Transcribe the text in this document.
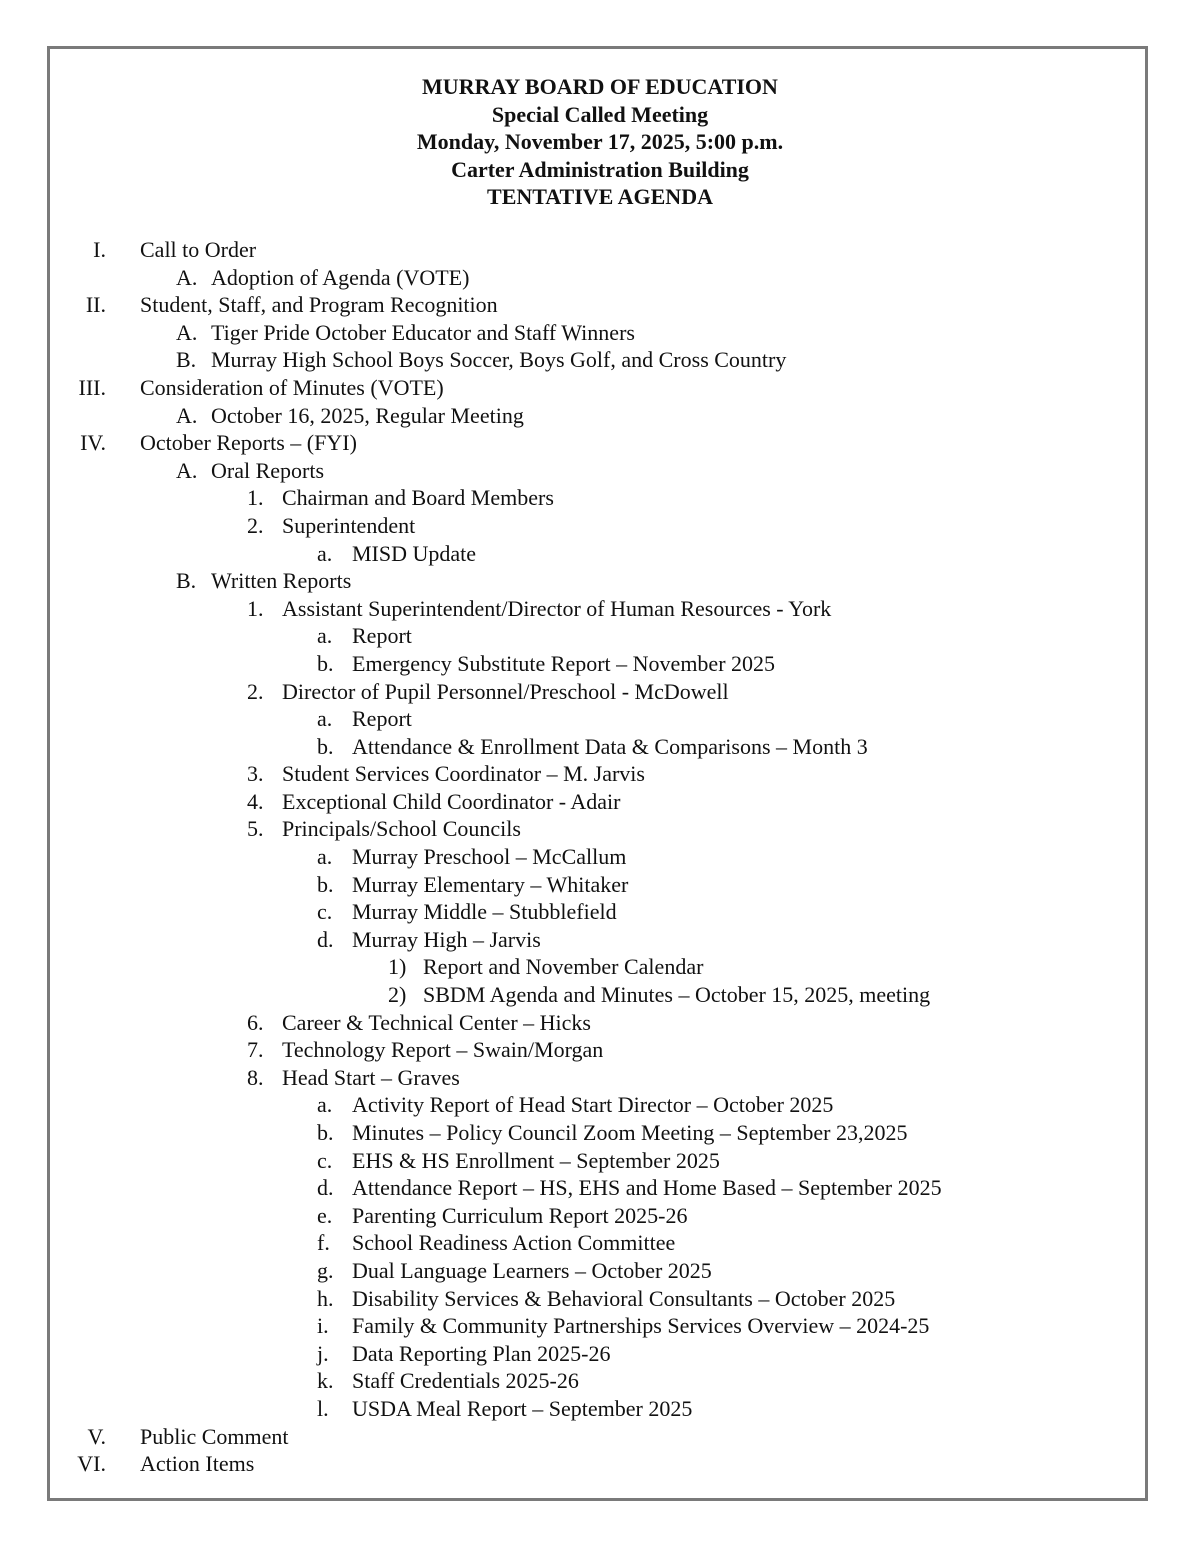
MURRAY BOARD OF EDUCATION
Special Called Meeting
Monday, November 17, 2025, 5:00 p.m.
Carter Administration Building
TENTATIVE AGENDA
I. Call to Order
A. Adoption of Agenda (VOTE)
II. Student, Staff, and Program Recognition
A. Tiger Pride October Educator and Staff Winners
B. Murray High School Boys Soccer, Boys Golf, and Cross Country
III. Consideration of Minutes (VOTE)
A. October 16, 2025, Regular Meeting
IV. October Reports – (FYI)
A. Oral Reports
1. Chairman and Board Members
2. Superintendent
a. MISD Update
B. Written Reports
1. Assistant Superintendent/Director of Human Resources - York
a. Report
b. Emergency Substitute Report – November 2025
2. Director of Pupil Personnel/Preschool - McDowell
a. Report
b. Attendance & Enrollment Data & Comparisons – Month 3
3. Student Services Coordinator – M. Jarvis
4. Exceptional Child Coordinator - Adair
5. Principals/School Councils
a. Murray Preschool – McCallum
b. Murray Elementary – Whitaker
c. Murray Middle – Stubblefield
d. Murray High – Jarvis
1) Report and November Calendar
2) SBDM Agenda and Minutes – October 15, 2025, meeting
6. Career & Technical Center – Hicks
7. Technology Report – Swain/Morgan
8. Head Start – Graves
a. Activity Report of Head Start Director – October 2025
b. Minutes – Policy Council Zoom Meeting – September 23,2025
c. EHS & HS Enrollment – September 2025
d. Attendance Report – HS, EHS and Home Based – September 2025
e. Parenting Curriculum Report 2025-26
f. School Readiness Action Committee
g. Dual Language Learners – October 2025
h. Disability Services & Behavioral Consultants – October 2025
i. Family & Community Partnerships Services Overview – 2024-25
j. Data Reporting Plan 2025-26
k. Staff Credentials 2025-26
l. USDA Meal Report – September 2025
V. Public Comment
VI. Action Items
